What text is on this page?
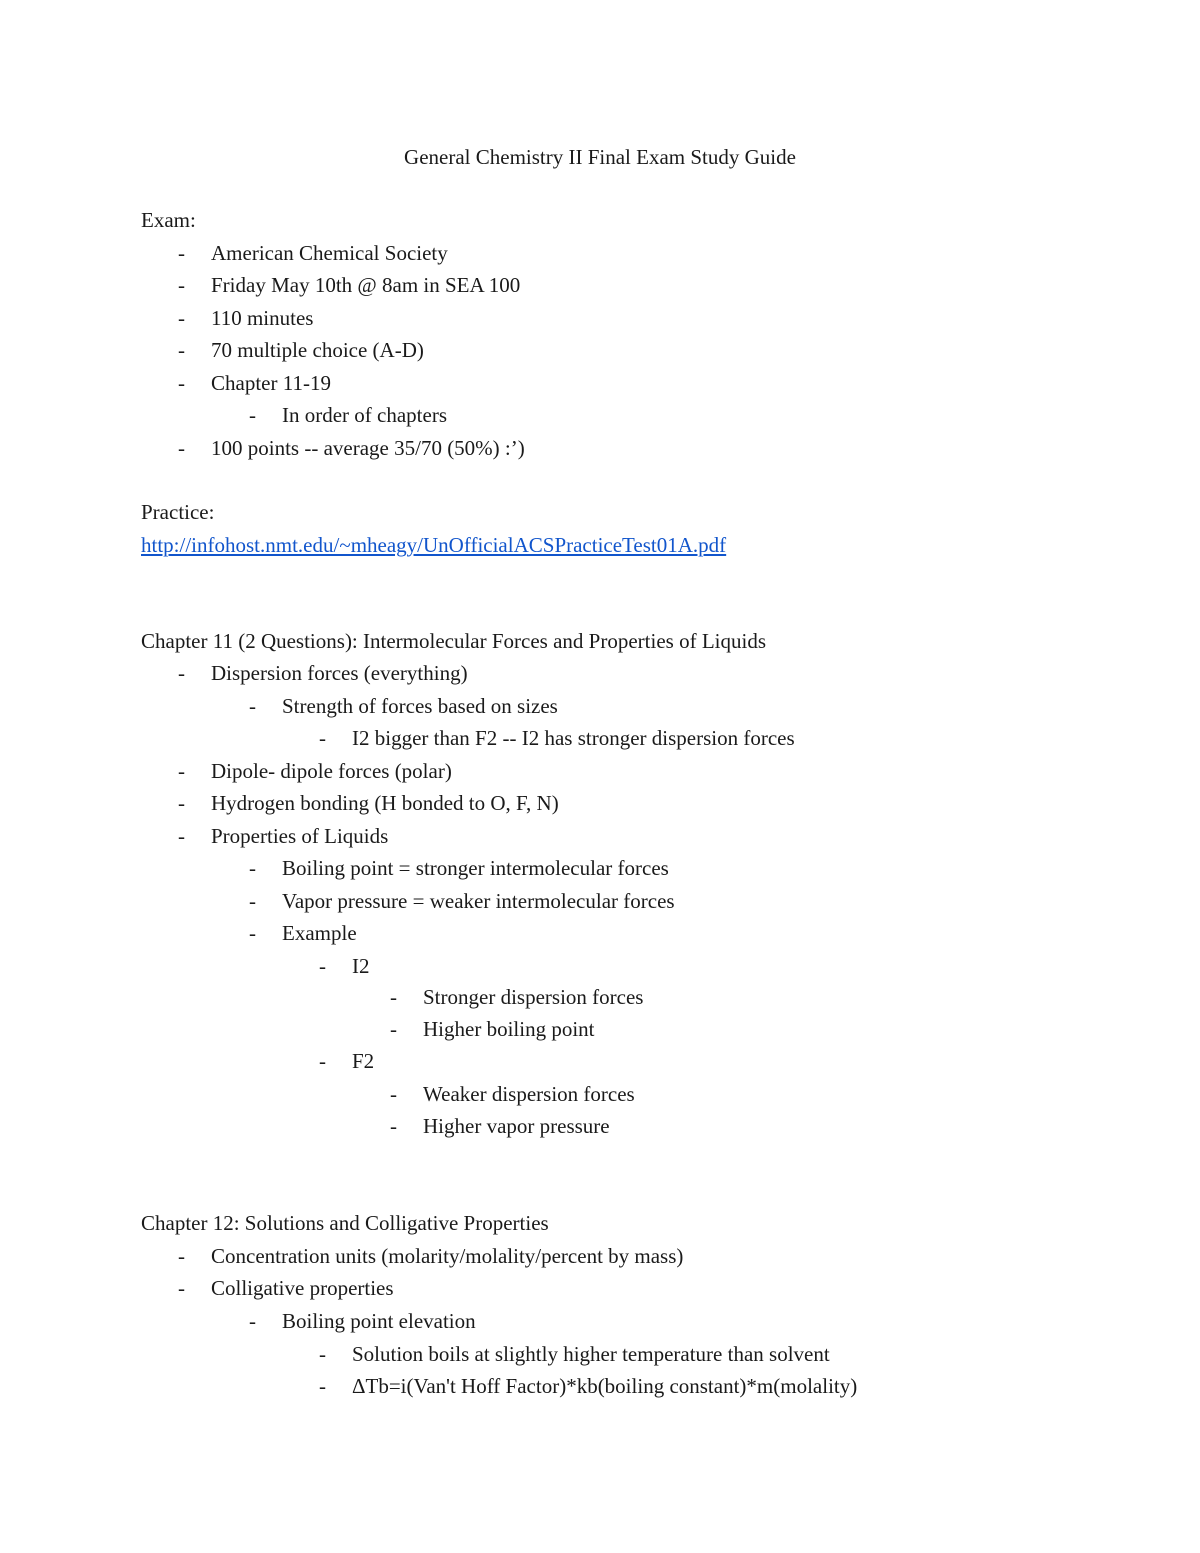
General Chemistry II Final Exam Study Guide
Exam:
- American Chemical Society
- Friday May 10th @ 8am in SEA 100
- 110 minutes
- 70 multiple choice (A-D)
- Chapter 11-19
- In order of chapters
- 100 points -- average 35/70 (50%) :’)
Practice:
http://infohost.nmt.edu/~mheagy/UnOfficialACSPracticeTest01A.pdf
Chapter 11 (2 Questions): Intermolecular Forces and Properties of Liquids
- Dispersion forces (everything)
- Strength of forces based on sizes
- I2 bigger than F2 -- I2 has stronger dispersion forces
- Dipole- dipole forces (polar)
- Hydrogen bonding (H bonded to O, F, N)
- Properties of Liquids
- Boiling point = stronger intermolecular forces
- Vapor pressure = weaker intermolecular forces
- Example
- I2
- Stronger dispersion forces
- Higher boiling point
- F2
- Weaker dispersion forces
- Higher vapor pressure
Chapter 12: Solutions and Colligative Properties
- Concentration units (molarity/molality/percent by mass)
- Colligative properties
- Boiling point elevation
- Solution boils at slightly higher temperature than solvent
- ΔTb=i(Van't Hoff Factor)*kb(boiling constant)*m(molality)
